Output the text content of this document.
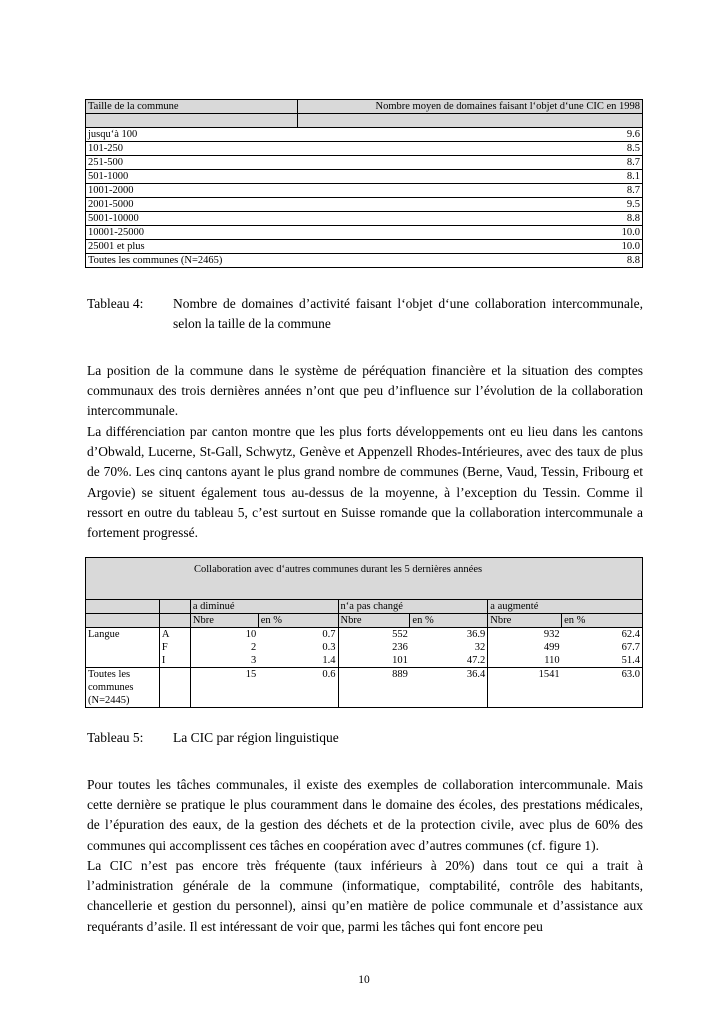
Taille de la commune	Nombre moyen de domaines faisant l‘objet d‘une CIC en 1998

jusqu‘à 100	9.6
101-250	8.5
251-500	8.7
501-1000	8.1
1001-2000	8.7
2001-5000	9.5
5001-10000	8.8
10001-25000	10.0
25001 et plus	10.0
Toutes les communes (N=2465)	8.8
Tableau 4: Nombre de domaines d’activité faisant l‘objet d‘une collaboration intercommunale, selon la taille de la commune

La position de la commune dans le système de péréquation financière et la situation des comptes communaux des trois dernières années n’ont que peu d’influence sur l’évolution de la collaboration intercommunale.

La différenciation par canton montre que les plus forts développements ont eu lieu dans les cantons d’Obwald, Lucerne, St-Gall, Schwytz, Genève et Appenzell Rhodes-Intérieures, avec des taux de plus de 70%. Les cinq cantons ayant le plus grand nombre de communes (Berne, Vaud, Tessin, Fribourg et Argovie) se situent également tous au-dessus de la moyenne, à l’exception du Tessin. Comme il ressort en outre du tableau 5, c’est surtout en Suisse romande que la collaboration intercommunale a fortement progressé.

Collaboration avec d‘autres communes durant les 5 dernières années							
		a diminué		n‘a pas changé		a augmenté	
		Nbre	en %	Nbre	en %	Nbre	en %
Langue	A	10	0.7	552	36.9	932	62.4
	F	2	0.3	236	32	499	67.7
	I	3	1.4	101	47.2	110	51.4
Toutes les
communes
(N=2445)		15	0.6	889	36.4	1541	63.0
Tableau 5: La CIC par région linguistique

Pour toutes les tâches communales, il existe des exemples de collaboration intercommunale. Mais cette dernière se pratique le plus couramment dans le domaine des écoles, des prestations médicales, de l’épuration des eaux, de la gestion des déchets et de la protection civile, avec plus de 60% des communes qui accomplissent ces tâches en coopération avec d’autres communes (cf. figure 1).

La CIC n’est pas encore très fréquente (taux inférieurs à 20%) dans tout ce qui a trait à l’administration générale de la commune (informatique, comptabilité, contrôle des habitants, chancellerie et gestion du personnel), ainsi qu’en matière de police communale et d’assistance aux requérants d’asile. Il est intéressant de voir que, parmi les tâches qui font encore peu

10
